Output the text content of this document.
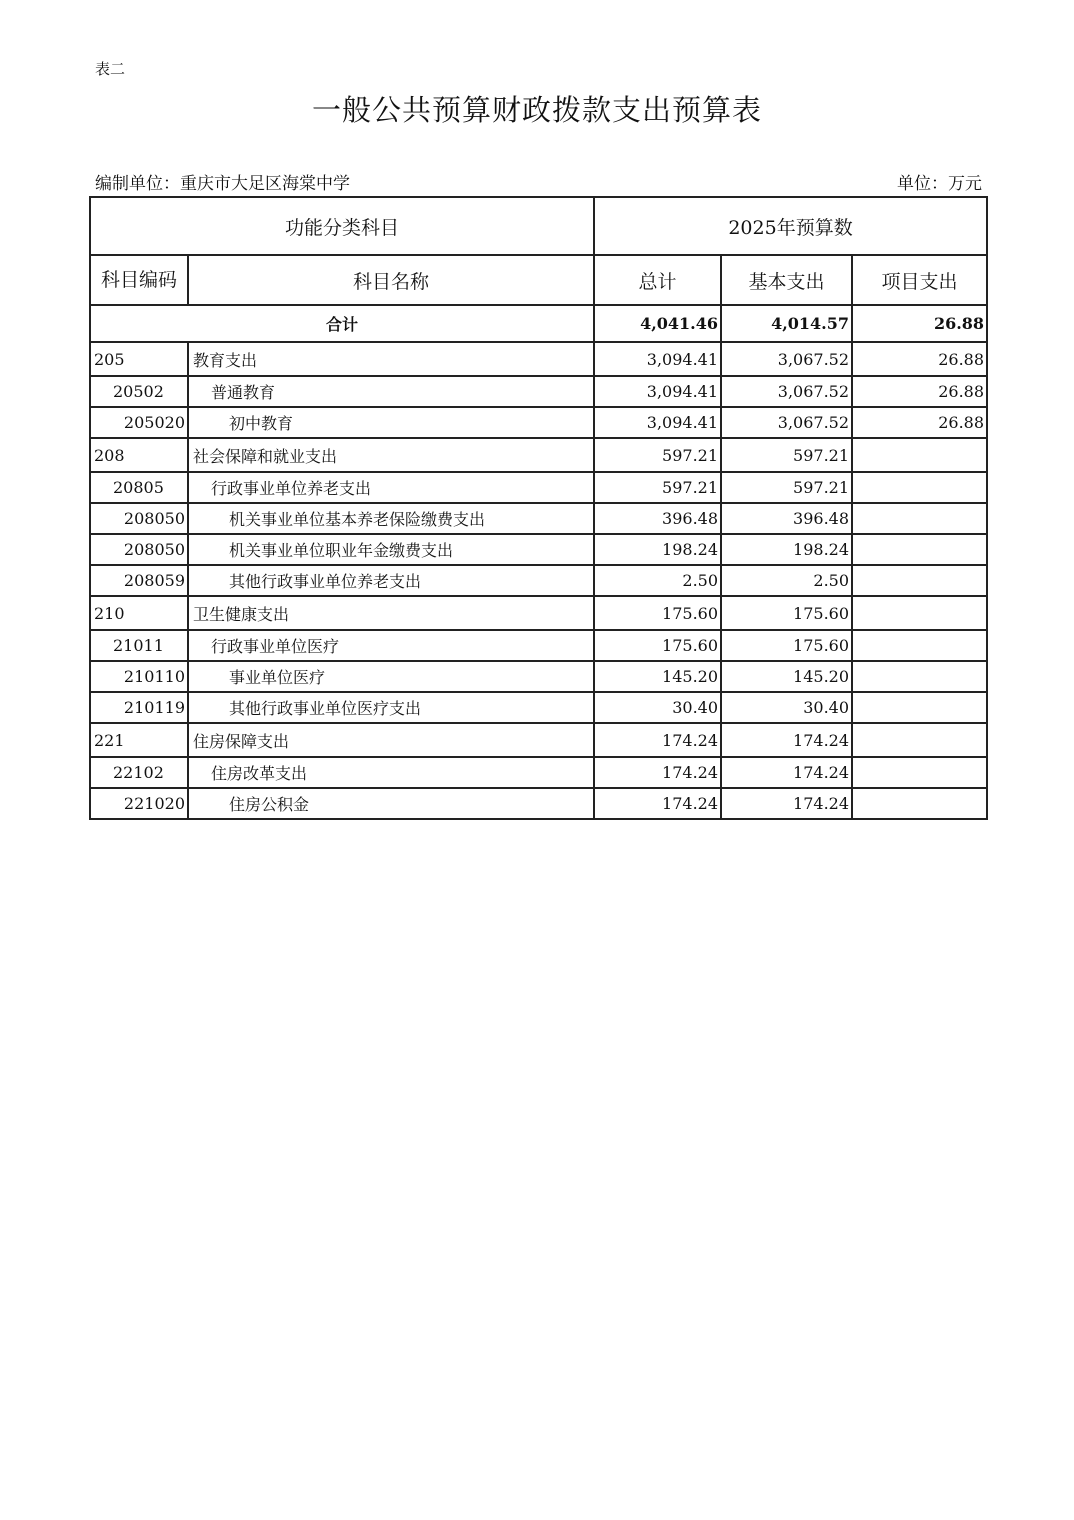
表二
一般公共预算财政拨款支出预算表
编制单位：重庆市大足区海棠中学	单位：万元
功能分类科目		2025年预算数		
科目编码	科目名称	总计	基本支出	项目支出
合计		4,041.46	4,014.57	26.88
205	教育支出	3,094.41	3,067.52	26.88
20502	普通教育	3,094.41	3,067.52	26.88
205020	初中教育	3,094.41	3,067.52	26.88
208	社会保障和就业支出	597.21	597.21	
20805	行政事业单位养老支出	597.21	597.21	
208050	机关事业单位基本养老保险缴费支出	396.48	396.48	
208050	机关事业单位职业年金缴费支出	198.24	198.24	
208059	其他行政事业单位养老支出	2.50	2.50	
210	卫生健康支出	175.60	175.60	
21011	行政事业单位医疗	175.60	175.60	
210110	事业单位医疗	145.20	145.20	
210119	其他行政事业单位医疗支出	30.40	30.40	
221	住房保障支出	174.24	174.24	
22102	住房改革支出	174.24	174.24	
221020	住房公积金	174.24	174.24	
